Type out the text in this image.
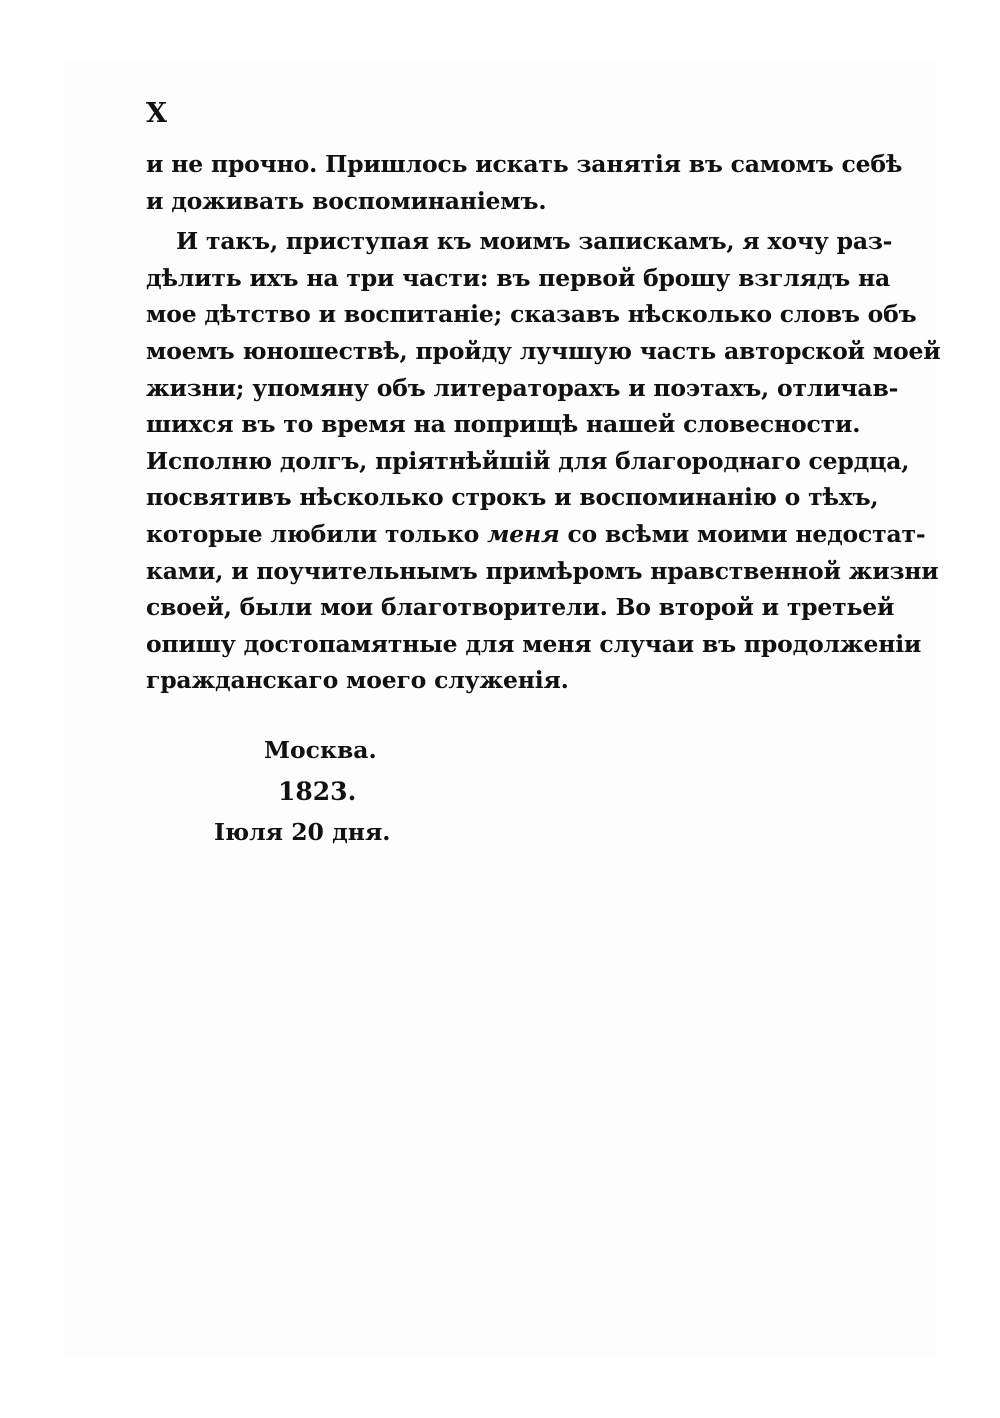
X
и не прочно. Пришлось искать занятія въ самомъ себѣ
и доживать воспоминаніемъ.
И такъ, приступая къ моимъ запискамъ, я хочу раз-
дѣлить ихъ на три части: въ первой брошу взглядъ на
мое дѣтство и воспитаніе; сказавъ нѣсколько словъ объ
моемъ юношествѣ, пройду лучшую часть авторской моей
жизни; упомяну объ литераторахъ и поэтахъ, отличав-
шихся въ то время на поприщѣ нашей словесности.
Исполню долгъ, пріятнѣйшій для благороднаго сердца,
посвятивъ нѣсколько строкъ и воспоминанію о тѣхъ,
которые любили только меня со всѣми моими недостат-
ками, и поучительнымъ примѣромъ нравственной жизни
своей, были мои благотворители. Во второй и третьей
опишу достопамятные для меня случаи въ продолженіи
гражданскаго моего служенія.
Москва.
1823.
Іюля 20 дня.
